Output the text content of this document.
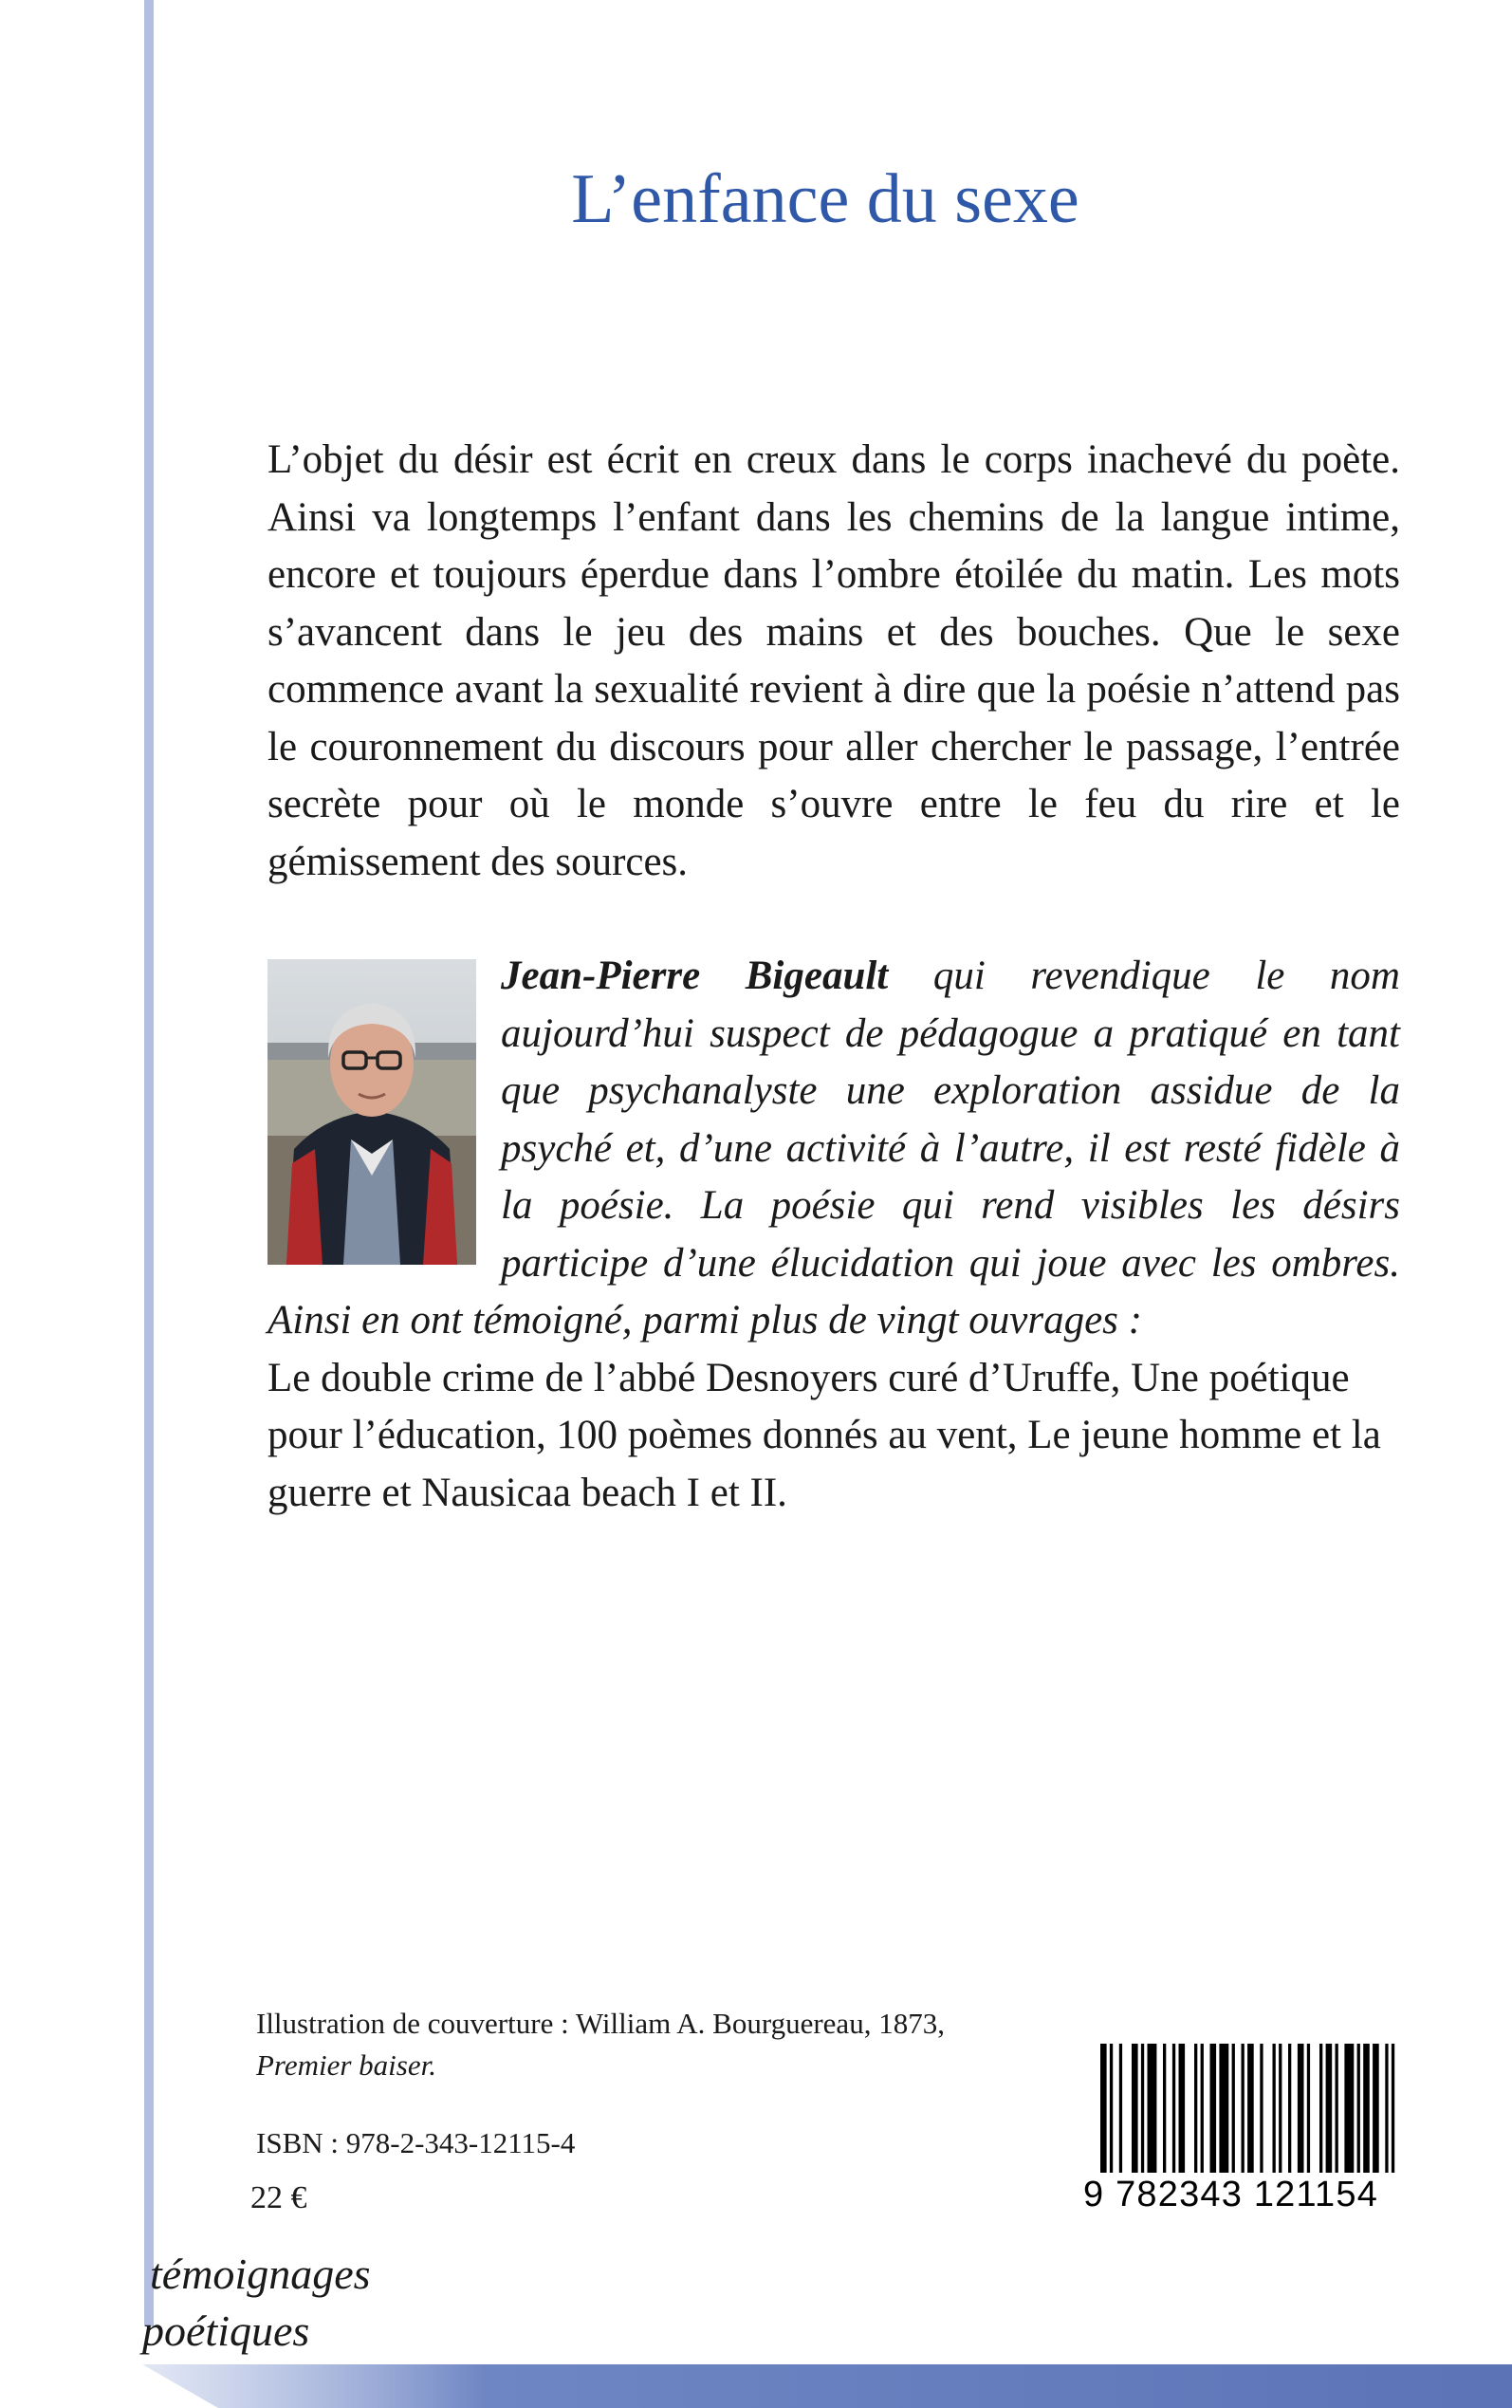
L’enfance du sexe

L’objet du désir est écrit en creux dans le corps inachevé du poète. Ainsi va longtemps l’enfant dans les chemins de la langue intime, encore et toujours éperdue dans l’ombre étoilée du matin. Les mots s’avancent dans le jeu des mains et des bouches. Que le sexe commence avant la sexualité revient à dire que la poésie n’attend pas le couronnement du discours pour aller chercher le passage, l’entrée secrète pour où le monde s’ouvre entre le feu du rire et le gémissement des sources.

Jean-Pierre Bigeault qui revendique le nom aujourd’hui suspect de pédagogue a pratiqué en tant que psychanalyste une exploration assidue de la psyché et, d’une activité à l’autre, il est resté fidèle à la poésie. La poésie qui rend visibles les désirs participe d’une élucidation qui joue avec les ombres. Ainsi en ont témoigné, parmi plus de vingt ouvrages :

Le double crime de l’abbé Desnoyers curé d’Uruffe, Une poétique pour l’éducation, 100 poèmes donnés au vent, Le jeune homme et la guerre et Nausicaa beach I et II.

Illustration de couverture : William A. Bourguereau, 1873,
Premier baiser.
ISBN : 978-2-343-12115-4
22 €	9 782343 121154
témoignages
poétiques
